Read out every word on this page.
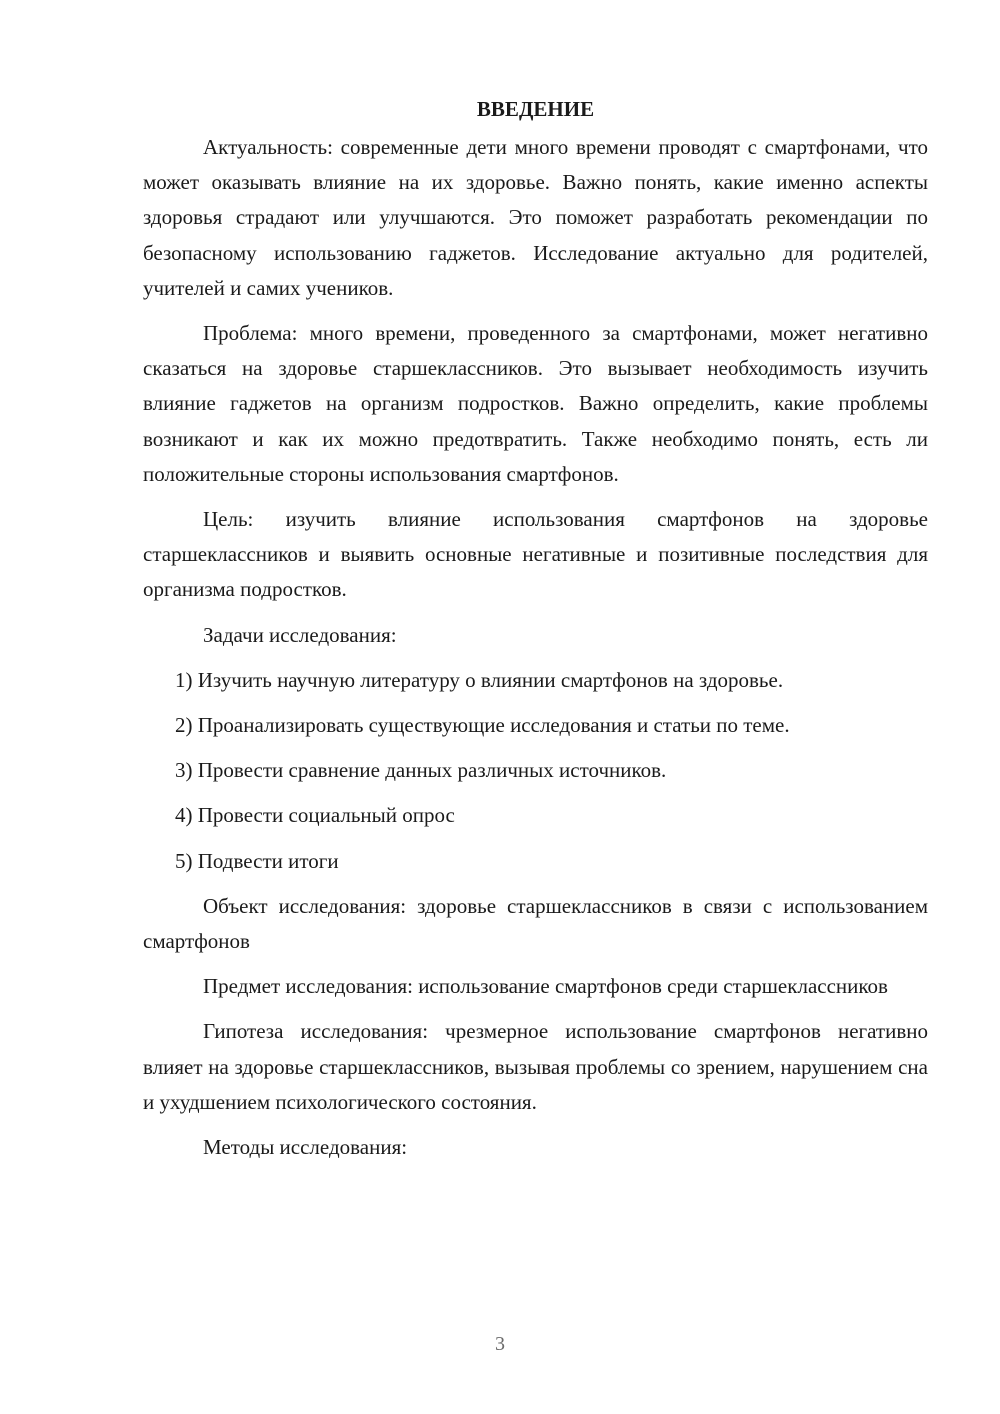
ВВЕДЕНИЕ

Актуальность: современные дети много времени проводят с смартфонами, что может оказывать влияние на их здоровье. Важно понять, какие именно аспекты здоровья страдают или улучшаются. Это поможет разработать рекомендации по безопасному использованию гаджетов. Исследование актуально для родителей, учителей и самих учеников.

Проблема: много времени, проведенного за смартфонами, может негативно сказаться на здоровье старшеклассников. Это вызывает необходимость изучить влияние гаджетов на организм подростков. Важно определить, какие проблемы возникают и как их можно предотвратить. Также необходимо понять, есть ли положительные стороны использования смартфонов.

Цель: изучить влияние использования смартфонов на здоровье старшеклассников и выявить основные негативные и позитивные последствия для организма подростков.

Задачи исследования:

1) Изучить научную литературу о влиянии смартфонов на здоровье.

2) Проанализировать существующие исследования и статьи по теме.

3) Провести сравнение данных различных источников.

4) Провести социальный опрос

5) Подвести итоги

Объект исследования: здоровье старшеклассников в связи с использованием смартфонов

Предмет исследования: использование смартфонов среди старшеклассников

Гипотеза исследования: чрезмерное использование смартфонов негативно влияет на здоровье старшеклассников, вызывая проблемы со зрением, нарушением сна и ухудшением психологического состояния.

Методы исследования:

3
